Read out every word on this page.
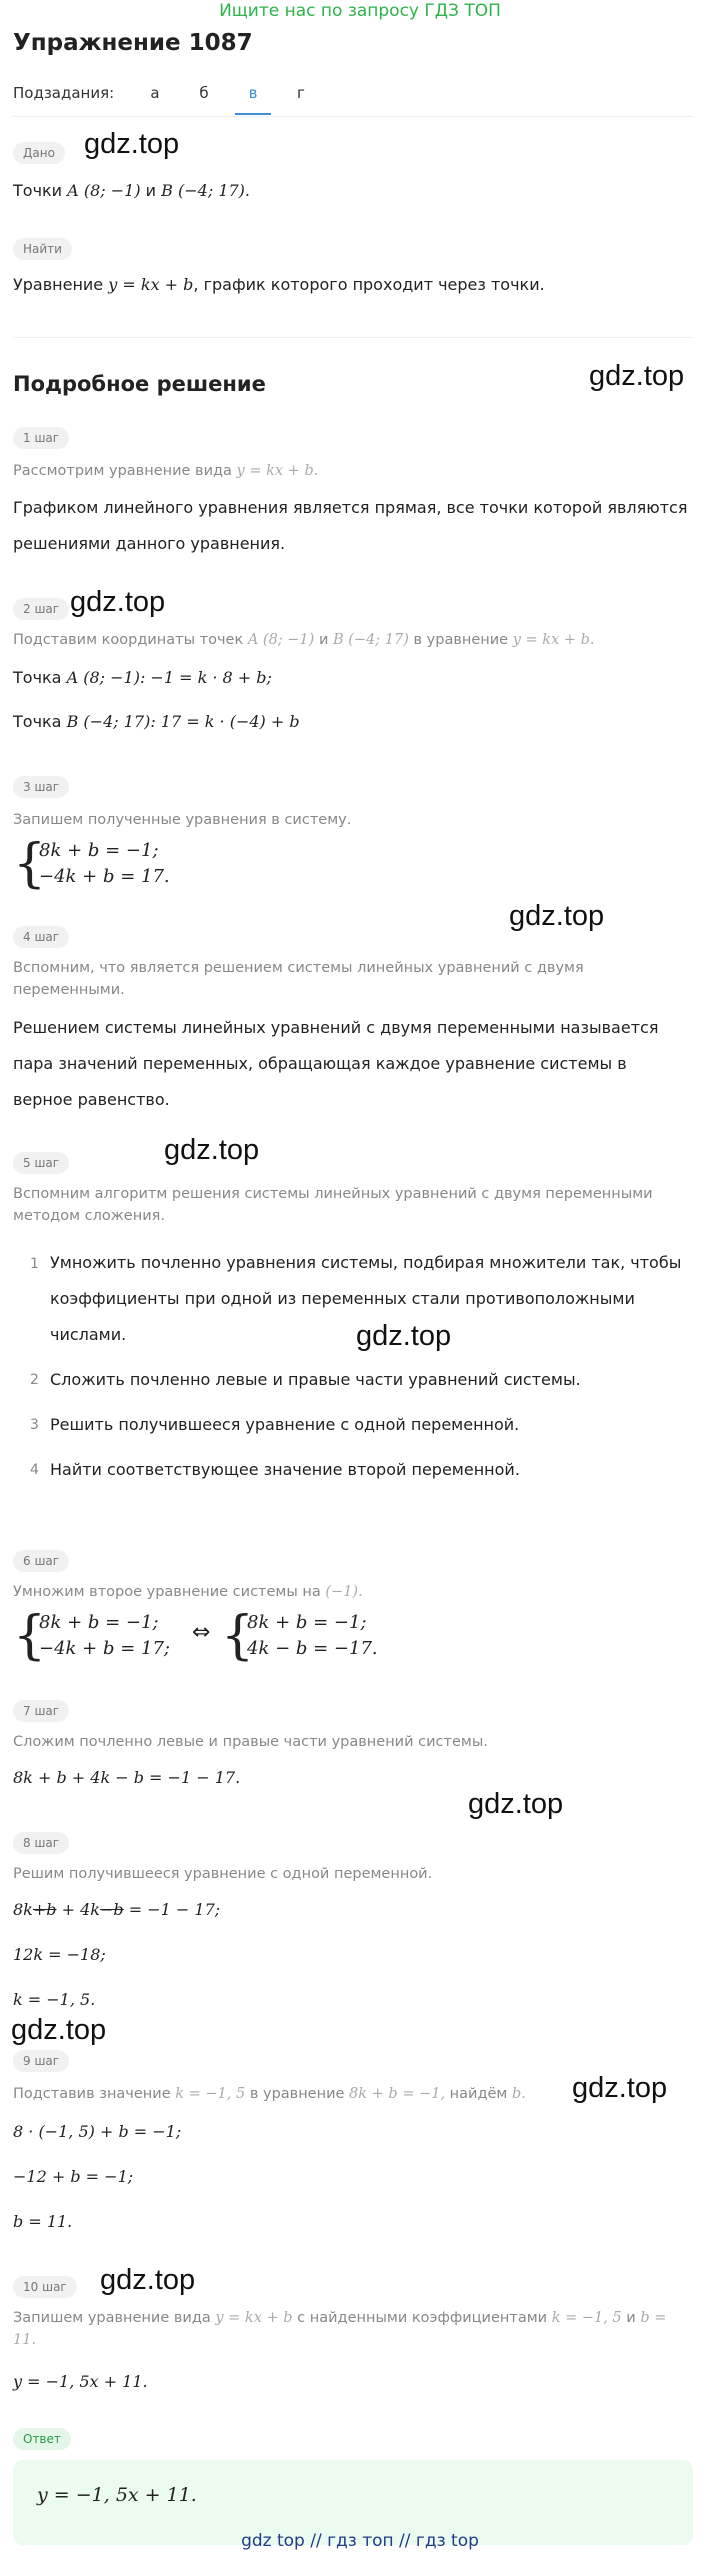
Ищите нас по запросу ГДЗ ТОП
Упражнение 1087
Подзадания:	а	б	в	г
Дано	gdz.top
Точки A (8; −1) и B (−4; 17).
Найти
Уравнение y = kx + b, график которого проходит через точки.
Подробное решение	gdz.top
1 шаг
Рассмотрим уравнение вида y = kx + b.
Графиком линейного уравнения является прямая, все точки которой являются
решениями данного уравнения.
2 шаг gdz.top
Подставим координаты точек A (8; −1) и B (−4; 17) в уравнение y = kx + b.
Точка A (8; −1): −1 = k · 8 + b;
Точка B (−4; 17): 17 = k · (−4) + b
3 шаг
Запишем полученные уравнения в систему.
{
8k + b = −1;
−4k + b = 17.
gdz.top
4 шаг
Вспомним, что является решением системы линейных уравнений с двумя
переменными.
Решением системы линейных уравнений с двумя переменными называется
пара значений переменных, обращающая каждое уравнение системы в
верное равенство.
5 шаг	gdz.top
Вспомним алгоритм решения системы линейных уравнений с двумя переменными
методом сложения.
1 Умножить почленно уравнения системы, подбирая множители так, чтобы
коэффициенты при одной из переменных стали противоположными
числами.	gdz.top
2 Сложить почленно левые и правые части уравнений системы.
3 Решить получившееся уравнение с одной переменной.
4 Найти соответствующее значение второй переменной.
6 шаг
Умножим второе уравнение системы на (−1).
{
8k + b = −1;
−4k + b = 17;
⇔ {
8k + b = −1;
4k − b = −17.
7 шаг
Сложим почленно левые и правые части уравнений системы.
8k + b + 4k − b = −1 − 17.
gdz.top
8 шаг
Решим получившееся уравнение с одной переменной.
8k+b + 4k−b = −1 − 17;
12k = −18;
k = −1, 5.
gdz.top
9 шаг
gdz.top
Подставив значение k = −1, 5 в уравнение 8k + b = −1, найдём b.
8 · (−1, 5) + b = −1;
−12 + b = −1;
b = 11.
10 шаг	gdz.top
Запишем уравнение вида y = kx + b с найденными коэффициентами k = −1, 5 и b =
11.
y = −1, 5x + 11.
Ответ
y = −1, 5x + 11.
gdz top // гдз топ // гдз top
